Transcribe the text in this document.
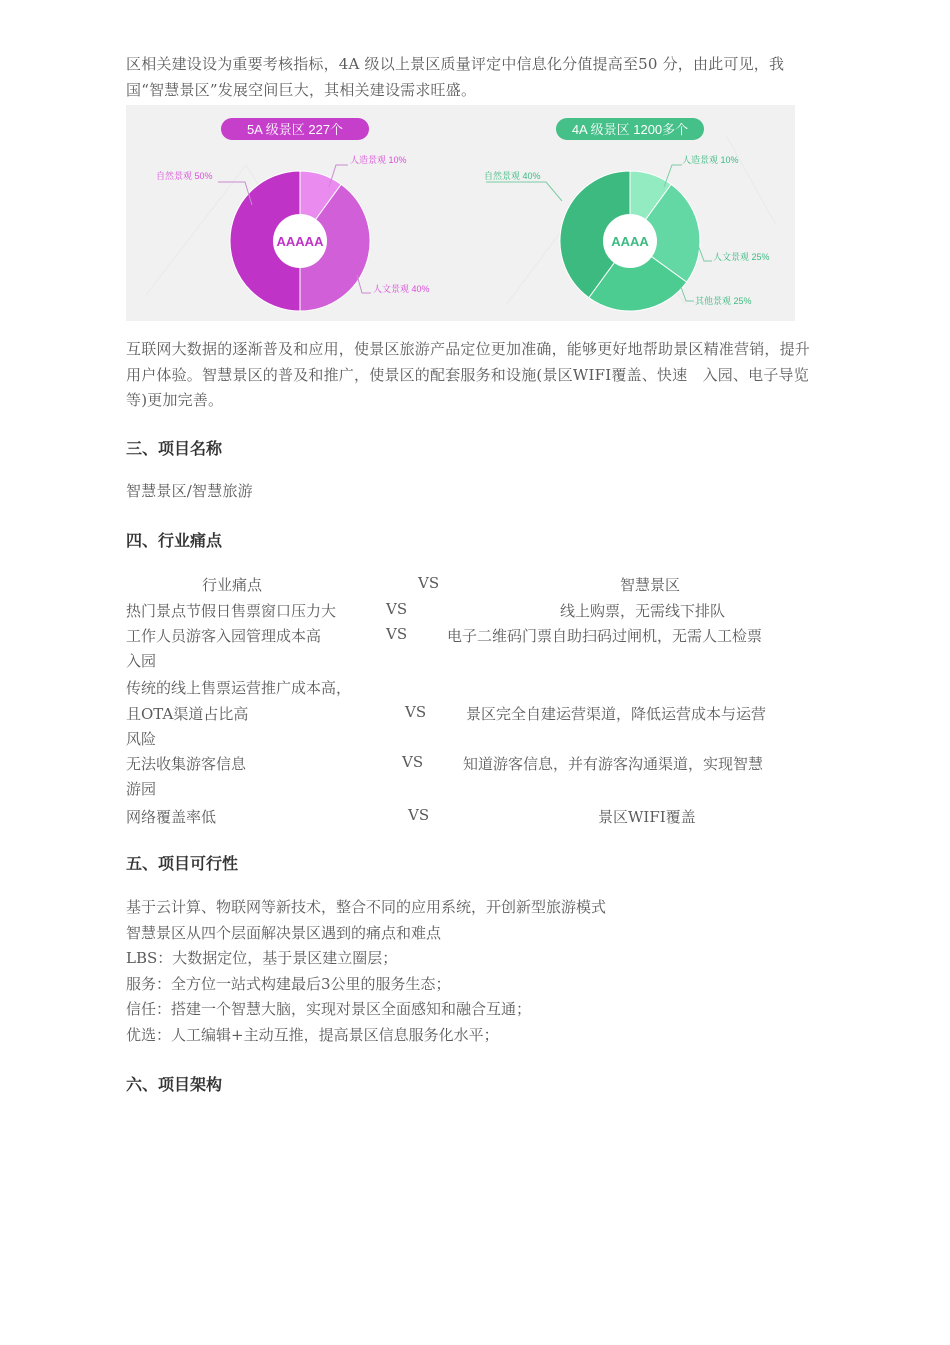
区相关建设设为重要考核指标，4A 级以上景区质量评定中信息化分值提高至50 分，由此可见，我国“智慧景区”发展空间巨大，其相关建设需求旺盛。
5A 级景区 227个
AAAAA
自然景观 50%
人造景观 10%
人文景观 40%
4A 级景区 1200多个
AAAA
自然景观 40%
人造景观 10%
人文景观 25%
其他景观 25%
互联网大数据的逐渐普及和应用，使景区旅游产品定位更加准确，能够更好地帮助景区精准营销，提升用户体验。智慧景区的普及和推广，使景区的配套服务和设施(景区WIFI覆盖、快速　入园、电子导览等)更加完善。
三、项目名称
智慧景区/智慧旅游
四、行业痛点
行业痛点	VS	智慧景区
热门景点节假日售票窗口压力大	VS	线上购票，无需线下排队
工作人员游客入园管理成本高
入园
VS	电子二维码门票自助扫码过闸机，无需人工检票
传统的线上售票运营推广成本高，
且OTA渠道占比高
风险
VS	景区完全自建运营渠道，降低运营成本与运营
无法收集游客信息
游园
VS	知道游客信息，并有游客沟通渠道，实现智慧
网络覆盖率低	VS	景区WIFI覆盖
五、项目可行性
基于云计算、物联网等新技术，整合不同的应用系统，开创新型旅游模式
智慧景区从四个层面解决景区遇到的痛点和难点
LBS：大数据定位，基于景区建立圈层；
服务：全方位一站式构建最后3公里的服务生态；
信任：搭建一个智慧大脑，实现对景区全面感知和融合互通；
优选：人工编辑+主动互推，提高景区信息服务化水平；
六、项目架构
